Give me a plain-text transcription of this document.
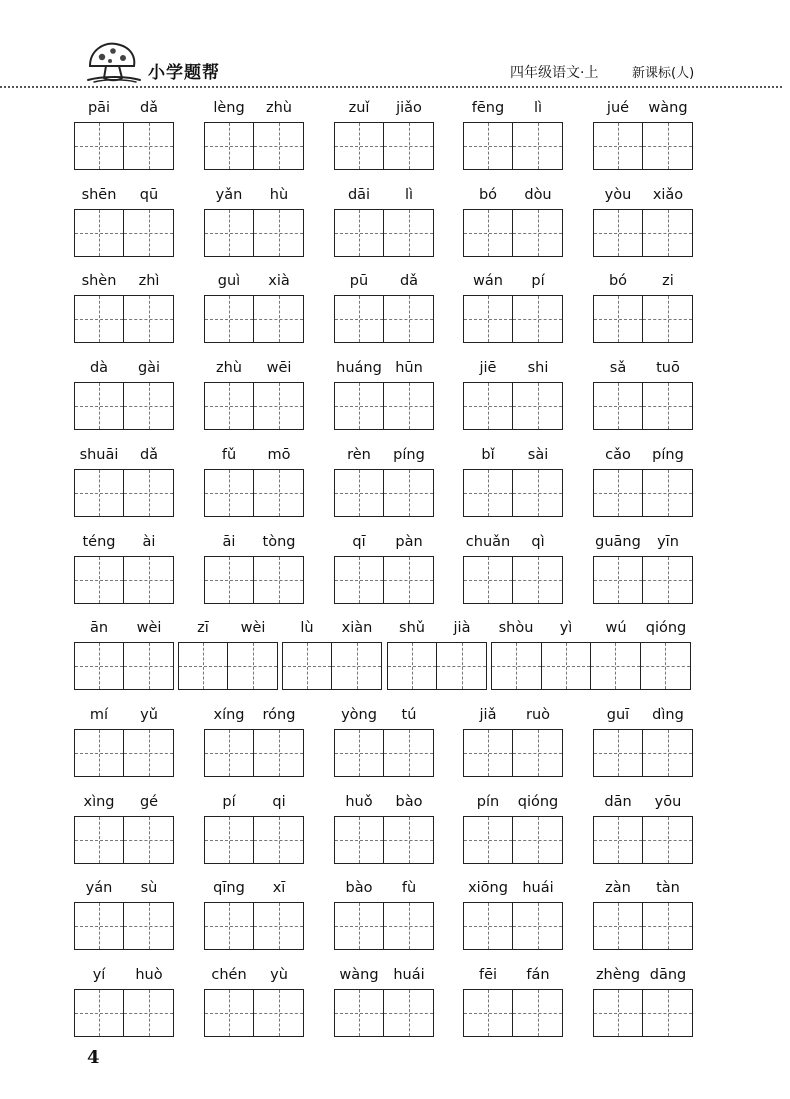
小学题帮	四年级语文·上	新课标(人)
pāi	dǎ	lèng	zhù	zuǐ	jiǎo	fēng	lì	jué	wàng
shēn	qū	yǎn	hù	dāi	lì	bó	dòu	yòu	xiǎo
shèn	zhì	guì	xià	pū	dǎ	wán	pí	bó	zi
dà	gài	zhù	wēi	huáng hūn	jiē	shi	sǎ	tuō
shuāi	dǎ	fǔ	mō	rèn	píng	bǐ	sài	cǎo	píng
téng	ài	āi	tòng	qī	pàn	chuǎn	qì	guāng	yīn
ān	wèi	zī	wèi	lù	xiàn	shǔ	jià	shòu	yì	wú	qióng
mí	yǔ	xíng	róng	yòng	tú	jiǎ	ruò	guī	dìng
xìng	gé	pí	qi	huǒ	bào	pín	qióng	dān	yōu
yán	sù	qīng	xī	bào	fù	xiōng huái	zàn	tàn
yí	huò	chén	yù	wàng	huái	fēi	fán	zhèng dāng
4
